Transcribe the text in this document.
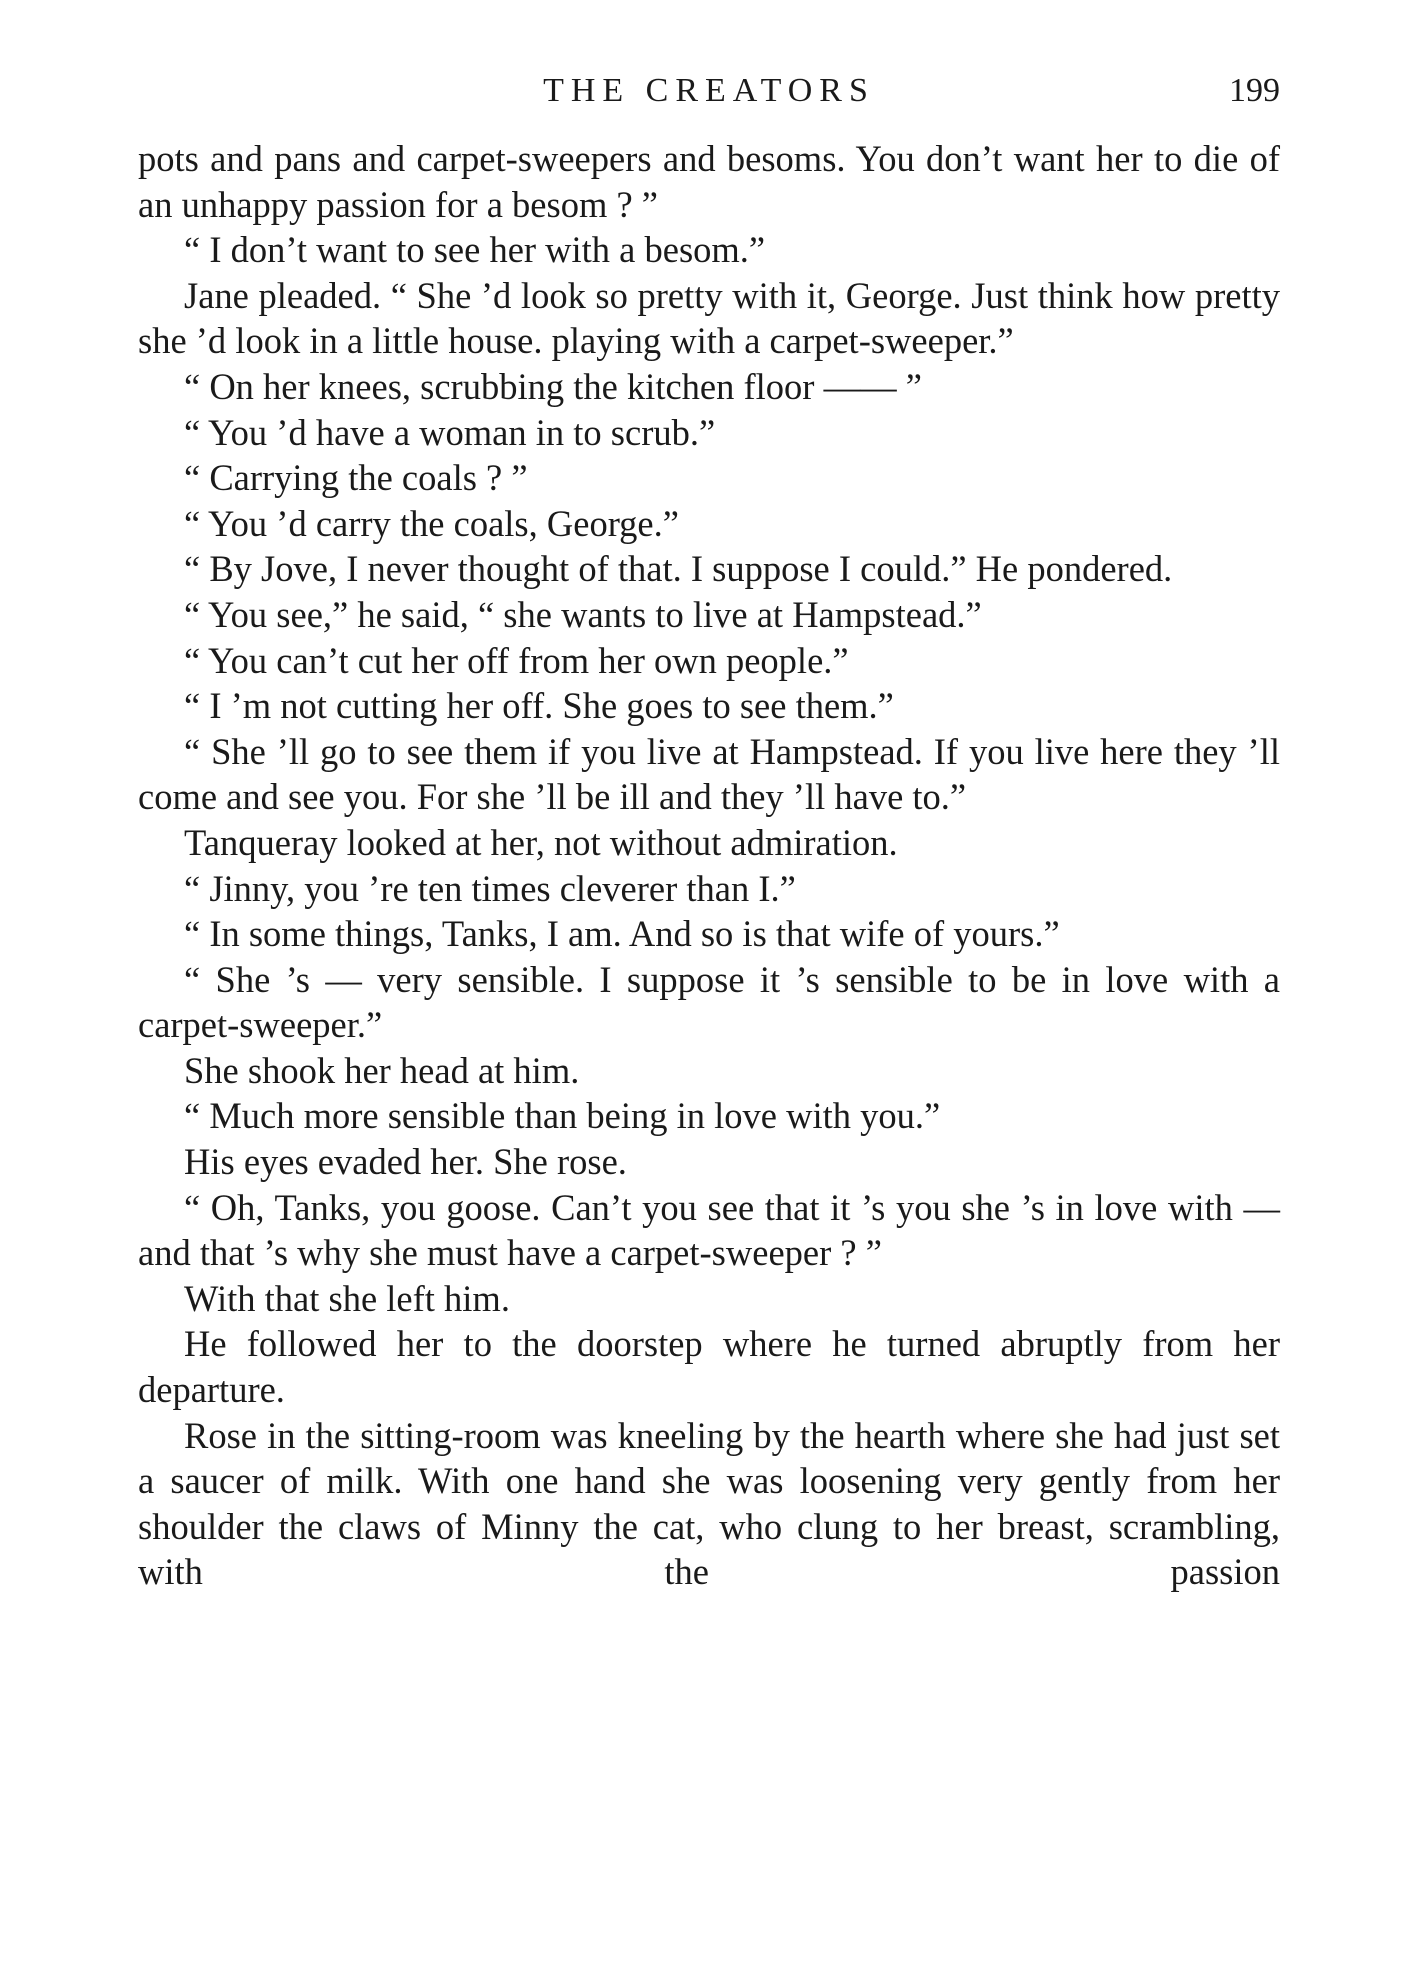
THE CREATORS	199

pots and pans and carpet-sweepers and besoms. You don’t want her to die of an unhappy passion for a besom ? ”

“ I don’t want to see her with a besom.”

Jane pleaded. “ She ’d look so pretty with it, George. Just think how pretty she ’d look in a little house. playing with a carpet-sweeper.”

“ On her knees, scrubbing the kitchen floor —— ”

“ You ’d have a woman in to scrub.”

“ Carrying the coals ? ”

“ You ’d carry the coals, George.”

“ By Jove, I never thought of that. I suppose I could.” He pondered.

“ You see,” he said, “ she wants to live at Hampstead.”

“ You can’t cut her off from her own people.”

“ I ’m not cutting her off. She goes to see them.”

“ She ’ll go to see them if you live at Hampstead. If you live here they ’ll come and see you. For she ’ll be ill and they ’ll have to.”

Tanqueray looked at her, not without admiration.

“ Jinny, you ’re ten times cleverer than I.”

“ In some things, Tanks, I am. And so is that wife of yours.”

“ She ’s — very sensible. I suppose it ’s sensible to be in love with a carpet-sweeper.”

She shook her head at him.

“ Much more sensible than being in love with you.”

His eyes evaded her. She rose.

“ Oh, Tanks, you goose. Can’t you see that it ’s you she ’s in love with — and that ’s why she must have a carpet-sweeper ? ”

With that she left him.

He followed her to the doorstep where he turned abruptly from her departure.

Rose in the sitting-room was kneeling by the hearth where she had just set a saucer of milk. With one hand she was loosening very gently from her shoulder the claws of Minny the cat, who clung to her breast, scrambling, with the passion
